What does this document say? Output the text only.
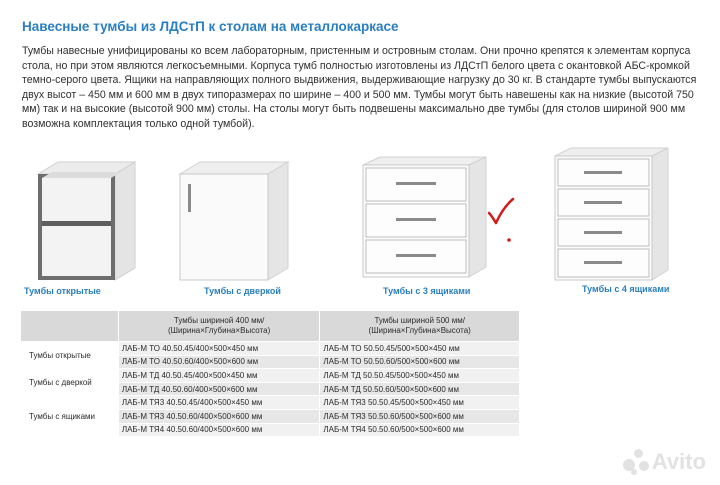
Навесные тумбы из ЛДСтП к столам на металлокаркасе
Тумбы навесные унифицированы ко всем лабораторным, пристенным и островным столам. Они прочно крепятся к элементам корпуса стола, но при этом являются легкосъемными. Корпуса тумб полностью изготовлены из ЛДСтП белого цвета с окантовкой АБС-кромкой темно-серого цвета. Ящики на направляющих полного выдвижения, выдерживающие нагрузку до 30 кг. В стандарте тумбы выпускаются двух высот – 450 мм и 600 мм в двух типоразмерах по ширине – 400 и 500 мм. Тумбы могут быть навешены как на низкие (высотой 750 мм) так и на высокие (высотой 900 мм) столы. На столы могут быть подвешены максимально две тумбы (для столов шириной 900 мм возможна комплектация только одной тумбой).
Тумбы открытые	Тумбы с дверкой	Тумбы с 3 ящиками	Тумбы с 4 ящиками
	Тумбы шириной 400 мм/ (Ширина×Глубина×Высота)	Тумбы шириной 500 мм/ (Ширина×Глубина×Высота)
Тумбы открытые	ЛАБ-М ТО 40.50.45/400×500×450 мм	ЛАБ-М ТО 50.50.45/500×500×450 мм
	ЛАБ-М ТО 40.50.60/400×500×600 мм	ЛАБ-М ТО 50.50.60/500×500×600 мм
Тумбы с дверкой	ЛАБ-М ТД 40.50.45/400×500×450 мм	ЛАБ-М ТД 50.50.45/500×500×450 мм
	ЛАБ-М ТД 40.50.60/400×500×600 мм	ЛАБ-М ТД 50.50.60/500×500×600 мм
Тумбы с ящиками	ЛАБ-М ТЯ3 40.50.45/400×500×450 мм	ЛАБ-М ТЯ3 50.50.45/500×500×450 мм
	ЛАБ-М ТЯ3 40.50.60/400×500×600 мм	ЛАБ-М ТЯ3 50.50.60/500×500×600 мм
	ЛАБ-М ТЯ4 40.50.60/400×500×600 мм	ЛАБ-М ТЯ4 50.50.60/500×500×600 мм
Avito
